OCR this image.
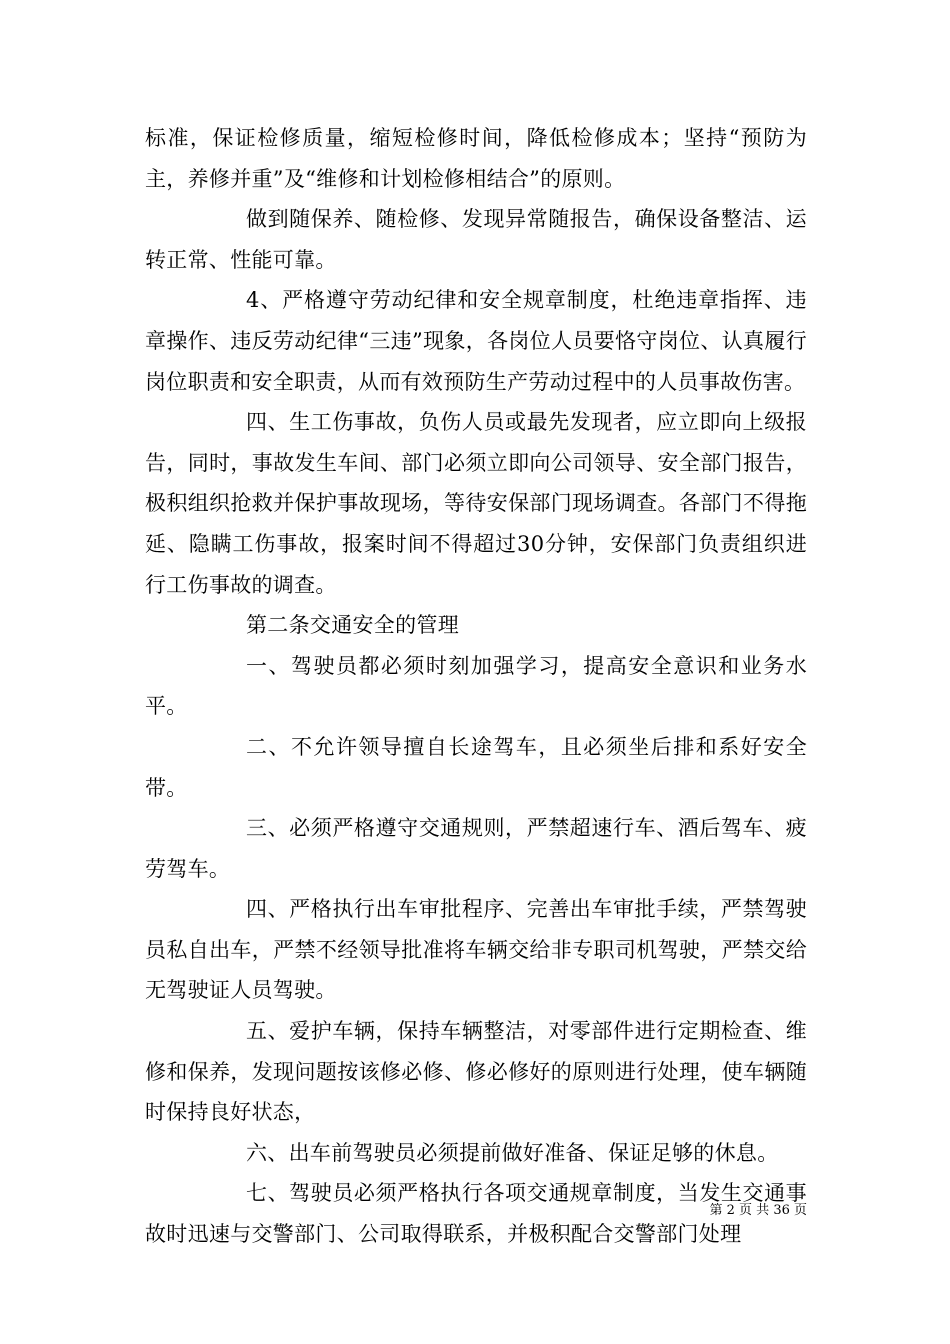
标准，保证检修质量，缩短检修时间，降低检修成本；坚持“预防为主，养修并重”及“维修和计划检修相结合”的原则。

做到随保养、随检修、发现异常随报告，确保设备整洁、运转正常、性能可靠。

4、严格遵守劳动纪律和安全规章制度，杜绝违章指挥、违章操作、违反劳动纪律“三违”现象，各岗位人员要恪守岗位、认真履行岗位职责和安全职责，从而有效预防生产劳动过程中的人员事故伤害。

四、生工伤事故，负伤人员或最先发现者，应立即向上级报告，同时，事故发生车间、部门必须立即向公司领导、安全部门报告，极积组织抢救并保护事故现场，等待安保部门现场调查。各部门不得拖延、隐瞒工伤事故，报案时间不得超过30分钟，安保部门负责组织进行工伤事故的调查。

第二条交通安全的管理

一、驾驶员都必须时刻加强学习，提高安全意识和业务水平。

二、不允许领导擅自长途驾车，且必须坐后排和系好安全带。

三、必须严格遵守交通规则，严禁超速行车、酒后驾车、疲劳驾车。

四、严格执行出车审批程序、完善出车审批手续，严禁驾驶员私自出车，严禁不经领导批准将车辆交给非专职司机驾驶，严禁交给无驾驶证人员驾驶。

五、爱护车辆，保持车辆整洁，对零部件进行定期检查、维修和保养，发现问题按该修必修、修必修好的原则进行处理，使车辆随时保持良好状态，

六、出车前驾驶员必须提前做好准备、保证足够的休息。

七、驾驶员必须严格执行各项交通规章制度，当发生交通事故时迅速与交警部门、公司取得联系，并极积配合交警部门处理

第 2 页 共 36 页
